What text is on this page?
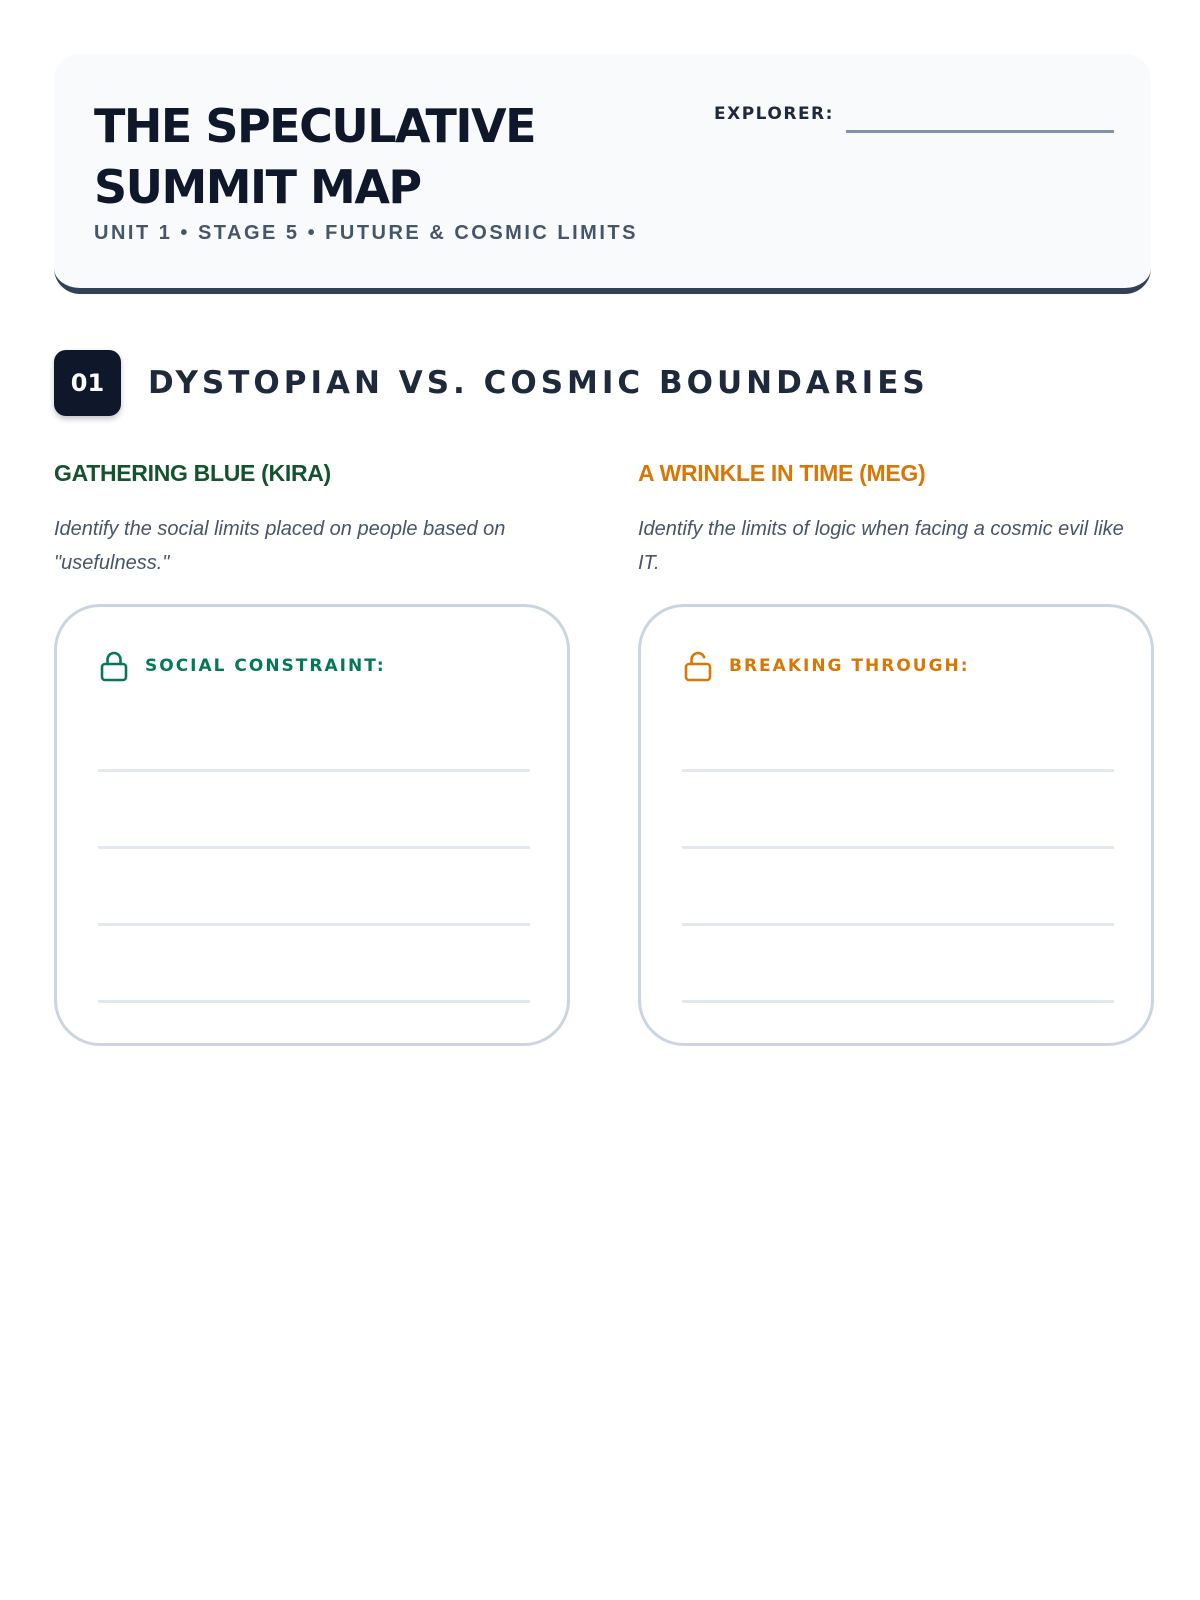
THE SPECULATIVE SUMMIT MAP
UNIT 1 • STAGE 5 • FUTURE & COSMIC LIMITS
EXPLORER:
01	DYSTOPIAN VS. COSMIC BOUNDARIES
GATHERING BLUE (KIRA)

Identify the social limits placed on people based on "usefulness."

A WRINKLE IN TIME (MEG)

Identify the limits of logic when facing a cosmic evil like IT.

SOCIAL CONSTRAINT:	BREAKING THROUGH:
